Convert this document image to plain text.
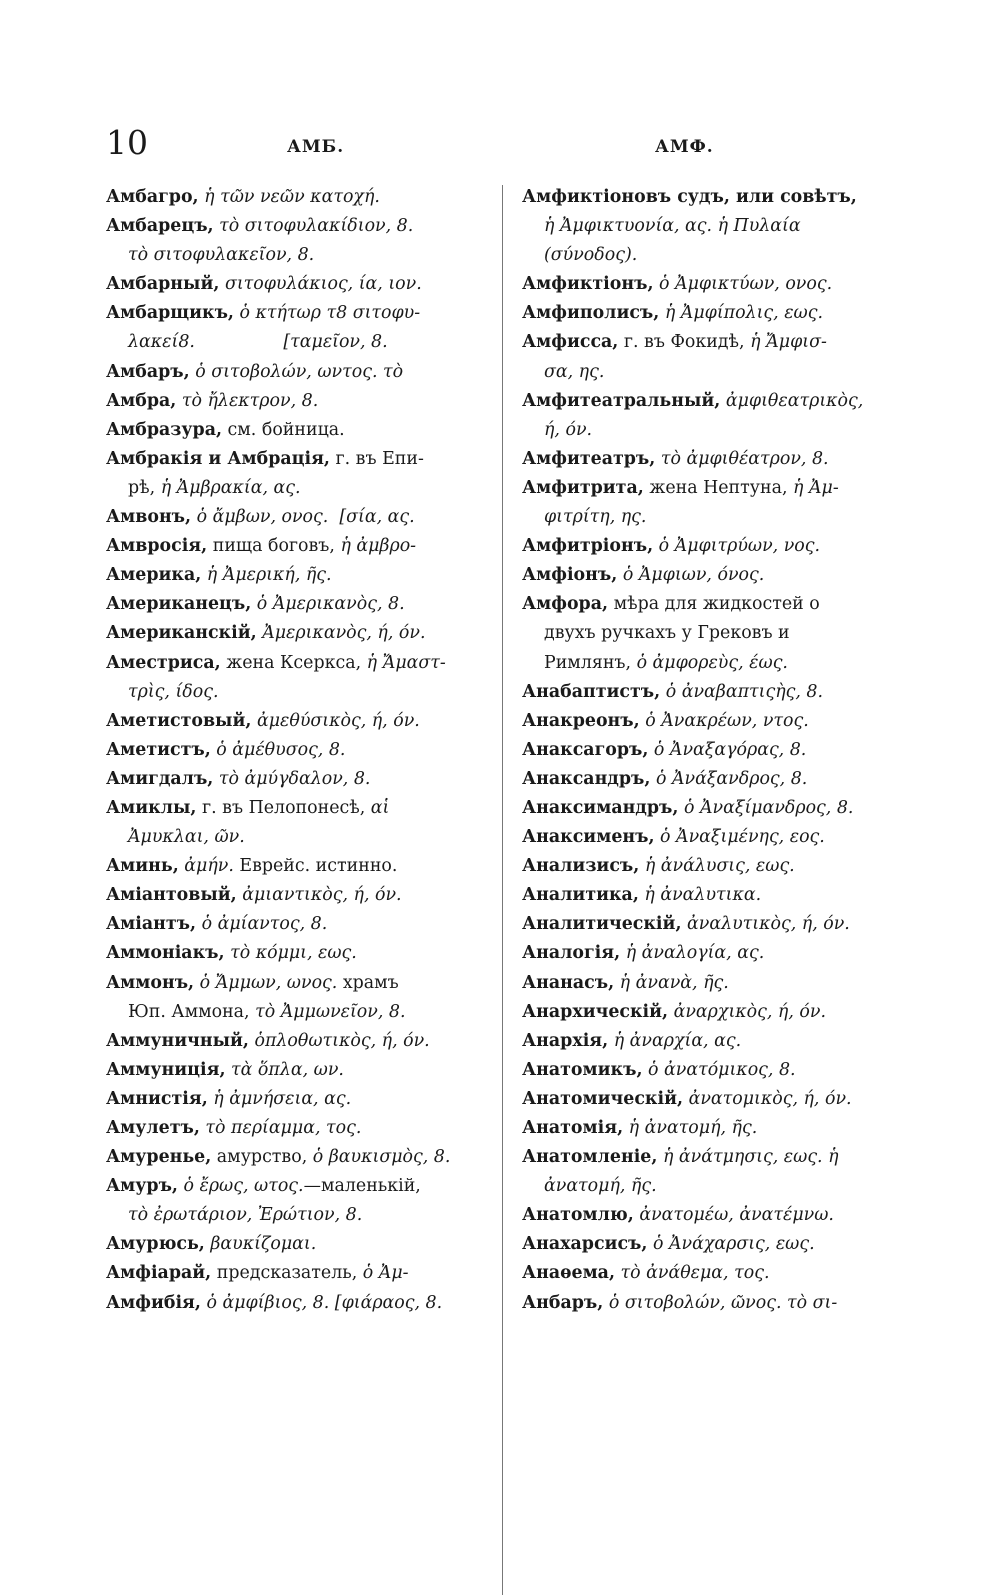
10	АМБ.	АМФ.
Амбагро, ἡ τῶν νεῶν κατοχή.
Амбарецъ, τὸ σιτοφυλακίδιον, 8.
τὸ σιτοφυλακεῖον, 8.
Амбарный, σιτοφυλάκιος, ία, ιον.
Амбарщикъ, ὁ κτήτωρ τ8 σιτοφυ-
λακεί8.                [ταμεῖον, 8.
Амбаръ, ὁ σιτοβολών, ωντος. τὸ
Амбра, τὸ ἤλεκτρον, 8.
Амбразура, см. бойница.
Амбракія и Амбрація, г. въ Епи-
рѣ, ἡ Ἀμβρακία, ας.
Амвонъ, ὁ ἄμβων, ονος.  [σία, ας.
Амвросія, пища боговъ, ἡ ἀμβρο-
Америка, ἡ Ἀμερική, ῆς.
Американецъ, ὁ Ἀμερικανὸς, 8.
Американскій, Ἀμερικανὸς, ή, όν.
Аместриса, жена Ксеркса, ἡ Ἄμαστ-
τρὶς, ίδος.
Аметистовый, ἀμεθύσικὸς, ή, όν.
Аметистъ, ὁ ἀμέθυσος, 8.
Амигдалъ, τὸ ἀμύγδαλον, 8.
Амиклы, г. въ Пелопонесѣ, αἱ
Ἀμυκλαι, ῶν.
Аминь, ἀμήν. Еврейс. истинно.
Аміантовый, ἀμιαντικὸς, ή, όν.
Аміантъ, ὁ ἀμίαντος, 8.
Аммоніакъ, τὸ κόμμι, εως.
Аммонъ, ὁ Ἄμμων, ωνος. храмъ
Юп. Аммона, τὸ Ἀμμωνεῖον, 8.
Аммуничный, ὁπλοθωτικὸς, ή, όν.
Аммуниція, τὰ ὅπλα, ων.
Амнистія, ἡ ἀμνήσεια, ας.
Амулетъ, τὸ περίαμμα, τος.
Амуренье, амурство, ὁ βαυκισμὸς, 8.
Амуръ, ὁ ἔρως, ωτος.—маленькій,
τὸ ἐρωτάριον, Ἐρώτιον, 8.
Амурюсь, βαυκίζομαι.
Амфіарай, предсказатель, ὁ Ἀμ-
Амфибія, ὁ ἀμφίβιος, 8. [φιάραος, 8.
Амфиктіоновъ судъ, или совѣтъ,
ἡ Ἀμφικτυονία, ας. ἡ Πυλαία
(σύνοδος).
Амфиктіонъ, ὁ Ἀμφικτύων, ονος.
Амфиполисъ, ἡ Ἀμφίπολις, εως.
Амфисса, г. въ Фокидѣ, ἡ Ἄμφισ-
σα, ης.
Амфитеатральный, ἀμφιθεατρικὸς,
ή, όν.
Амфитеатръ, τὸ ἀμφιθέατρον, 8.
Амфитрита, жена Нептуна, ἡ Ἀμ-
φιτρίτη, ης.
Амфитріонъ, ὁ Ἀμφιτρύων, νος.
Амфіонъ, ὁ Ἀμφιων, όνος.
Амфора, мѣра для жидкостей о
двухъ ручкахъ у Грековъ и
Римлянъ, ὁ ἀμφορεὺς, έως.
Анабаптистъ, ὁ ἀναβαπτιςὴς, 8.
Анакреонъ, ὁ Ἀνακρέων, ντος.
Анаксагоръ, ὁ Ἀναξαγόρας, 8.
Анаксандръ, ὁ Ἀνάξανδρος, 8.
Анаксимандръ, ὁ Ἀναξίμανδρος, 8.
Анаксименъ, ὁ Ἀναξιμένης, εος.
Анализисъ, ἡ ἀνάλυσις, εως.
Аналитика, ἡ ἀναλυτικα.
Аналитическій, ἀναλυτικὸς, ή, όν.
Аналогія, ἡ ἀναλογία, ας.
Ананасъ, ἡ ἀνανὰ, ῆς.
Анархическій, ἀναρχικὸς, ή, όν.
Анархія, ἡ ἀναρχία, ας.
Анатомикъ, ὁ ἀνατόμικος, 8.
Анатомическій, ἀνατομικὸς, ή, όν.
Анатомія, ἡ ἀνατομή, ῆς.
Анатомленіе, ἡ ἀνάτμησις, εως. ἡ
ἀνατομή, ῆς.
Анатомлю, ἀνατομέω, ἀνατέμνω.
Анахарсисъ, ὁ Ἀνάχαρσις, εως.
Анаѳема, τὸ ἀνάθεμα, τος.
Анбаръ, ὁ σιτοβολών, ῶνος. τὸ σι-
